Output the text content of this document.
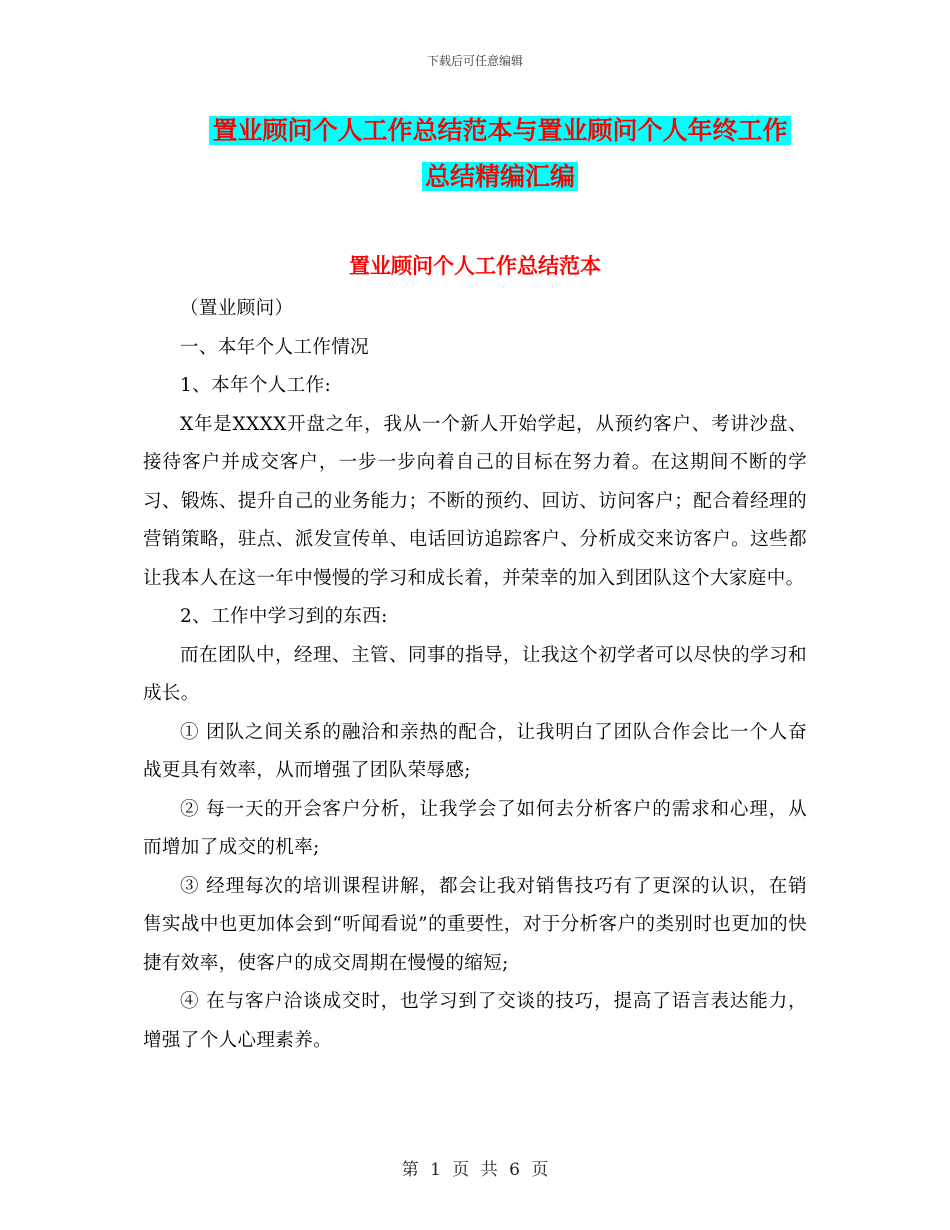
下载后可任意编辑
置业顾问个人工作总结范本与置业顾问个人年终工作
总结精编汇编
置业顾问个人工作总结范本

（置业顾问）

一、本年个人工作情况

1、本年个人工作:

X年是XXXX开盘之年，我从一个新人开始学起，从预约客户、考讲沙盘、接待客户并成交客户，一步一步向着自己的目标在努力着。在这期间不断的学习、锻炼、提升自己的业务能力；不断的预约、回访、访问客户；配合着经理的营销策略，驻点、派发宣传单、电话回访追踪客户、分析成交来访客户。这些都让我本人在这一年中慢慢的学习和成长着，并荣幸的加入到团队这个大家庭中。

2、工作中学习到的东西:

而在团队中，经理、主管、同事的指导，让我这个初学者可以尽快的学习和成长。

① 团队之间关系的融洽和亲热的配合，让我明白了团队合作会比一个人奋战更具有效率，从而增强了团队荣辱感;

② 每一天的开会客户分析，让我学会了如何去分析客户的需求和心理，从而增加了成交的机率;

③ 经理每次的培训课程讲解，都会让我对销售技巧有了更深的认识，在销售实战中也更加体会到“听闻看说”的重要性，对于分析客户的类别时也更加的快捷有效率，使客户的成交周期在慢慢的缩短;

④ 在与客户洽谈成交时，也学习到了交谈的技巧，提高了语言表达能力，增强了个人心理素养。

第 1 页 共 6 页
